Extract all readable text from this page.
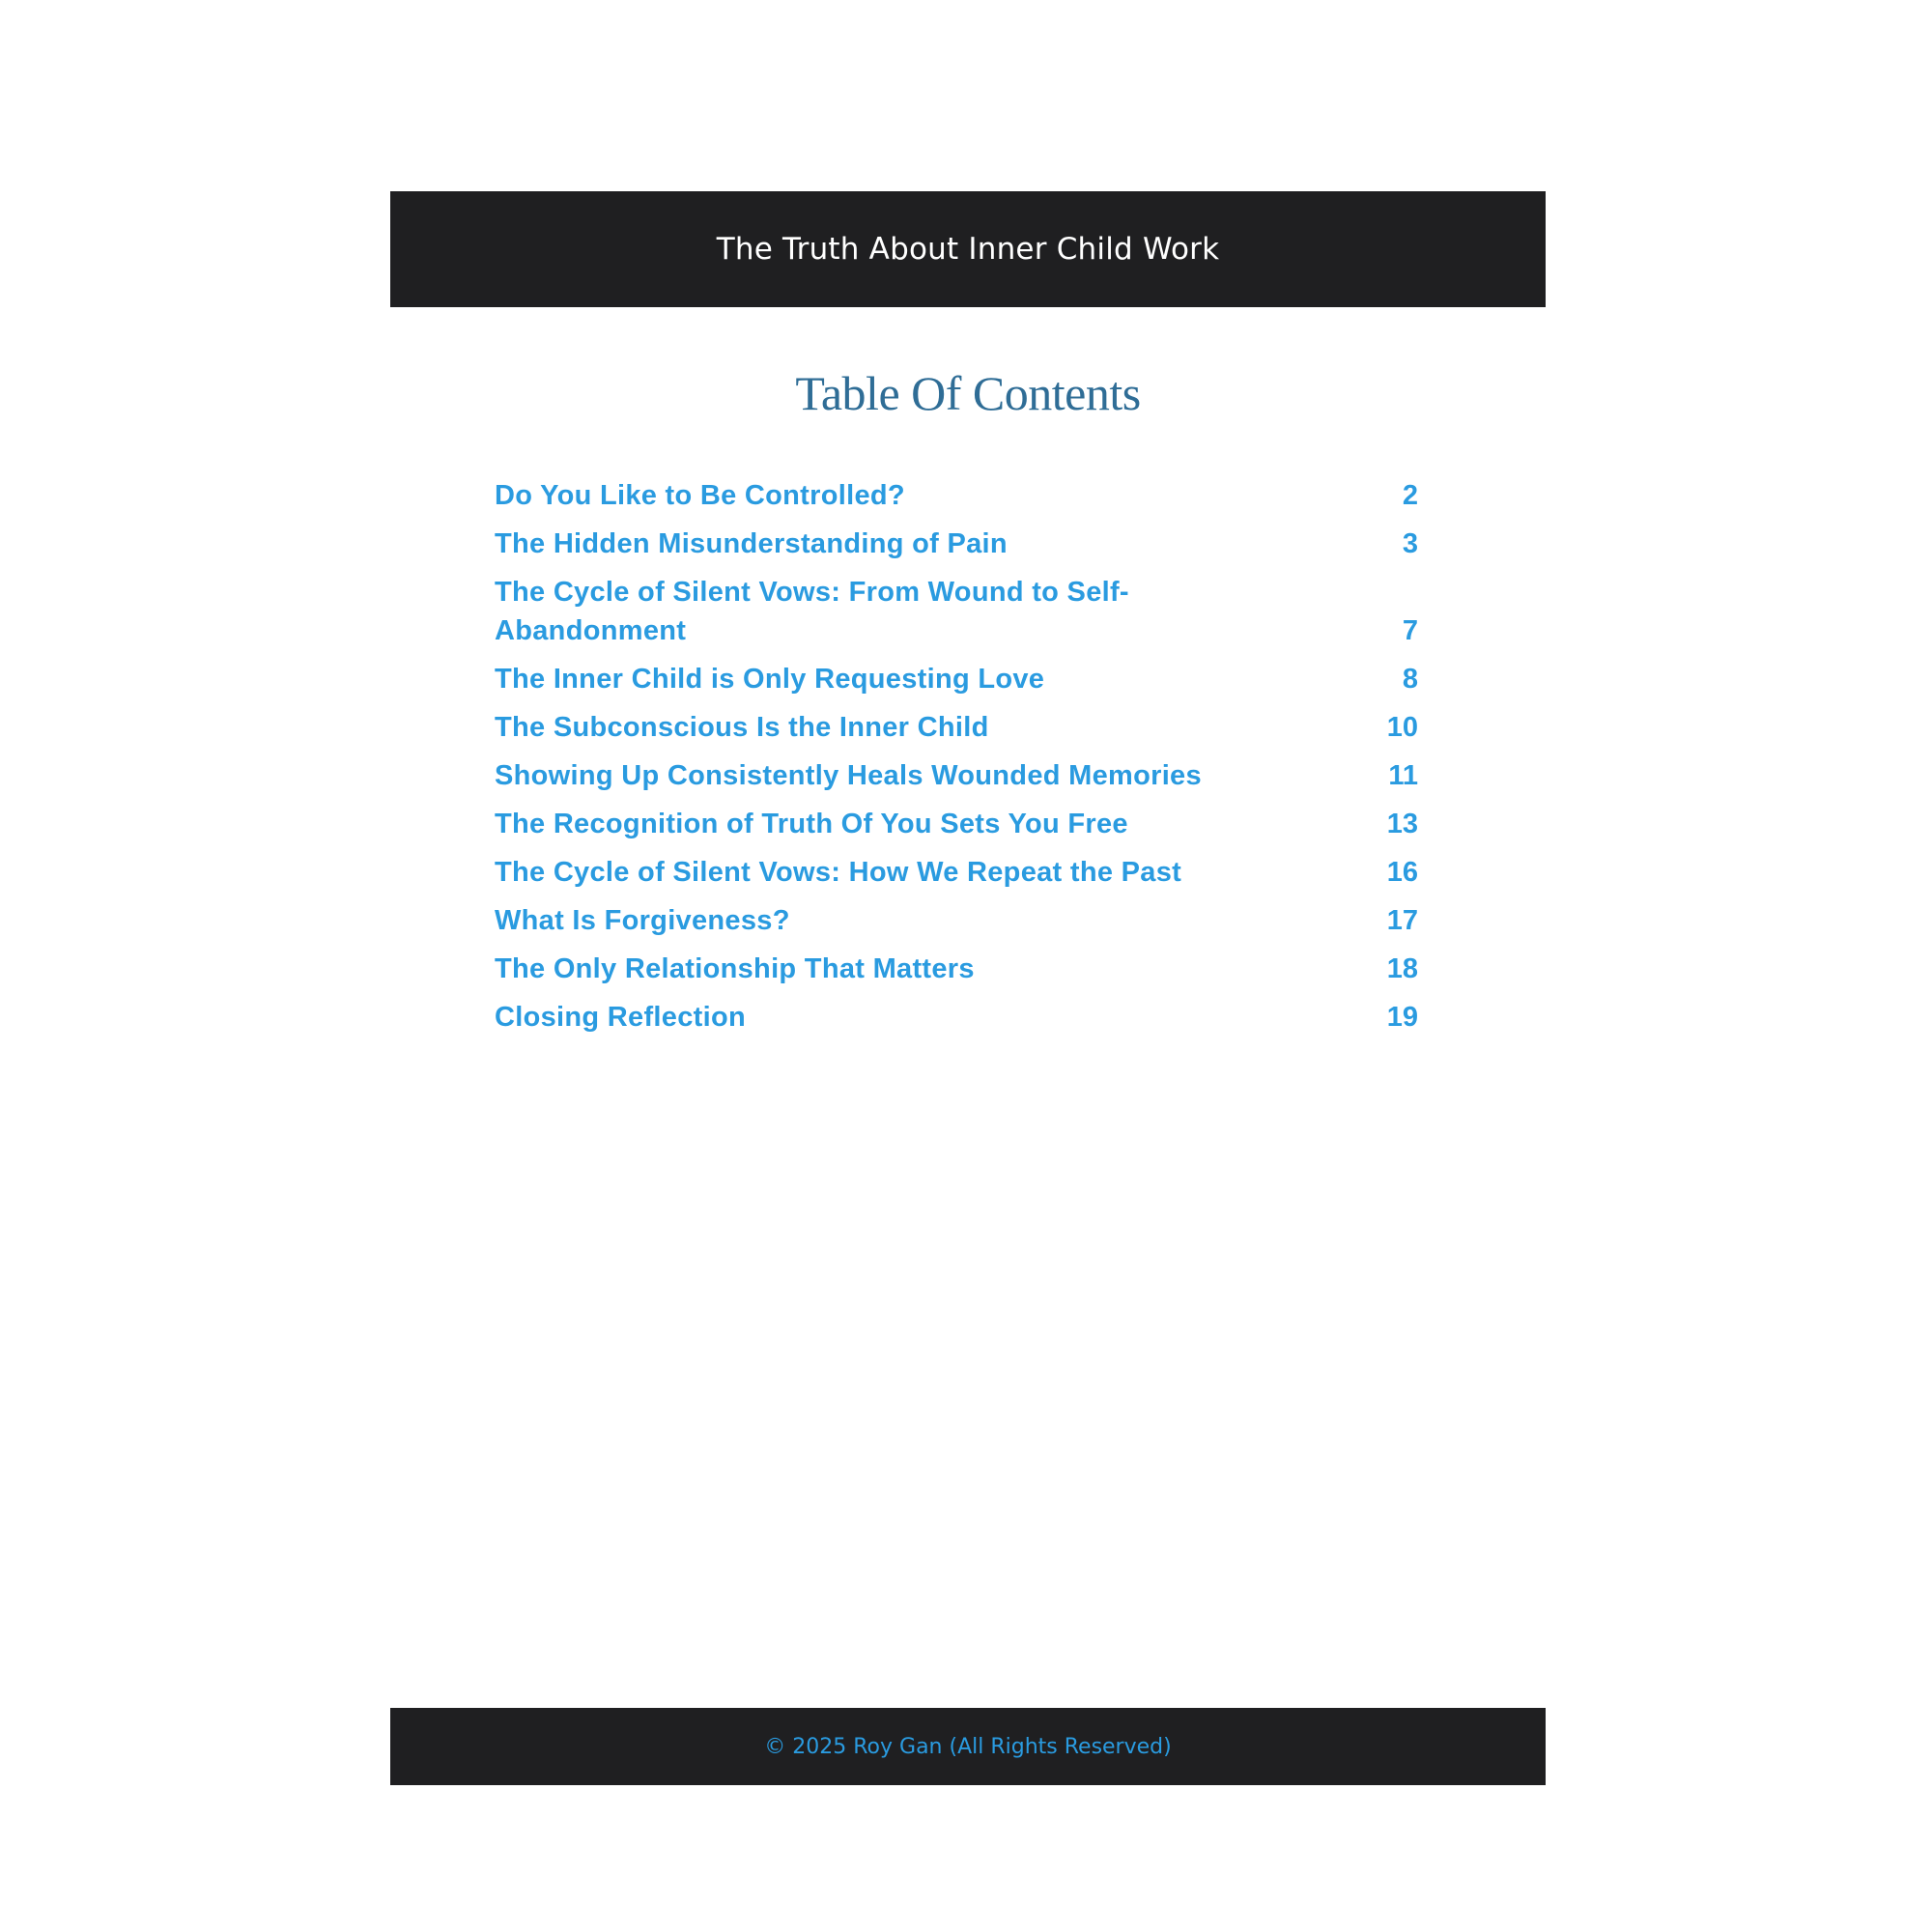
The Truth About Inner Child Work
Table Of Contents
Do You Like to Be Controlled?	2
The Hidden Misunderstanding of Pain	3
The Cycle of Silent Vows: From Wound to Self-Abandonment	7
The Inner Child is Only Requesting Love	8
The Subconscious Is the Inner Child	10
Showing Up Consistently Heals Wounded Memories	11
The Recognition of Truth Of You Sets You Free	13
The Cycle of Silent Vows: How We Repeat the Past	16
What Is Forgiveness?	17
The Only Relationship That Matters	18
Closing Reflection	19
© 2025 Roy Gan (All Rights Reserved)
